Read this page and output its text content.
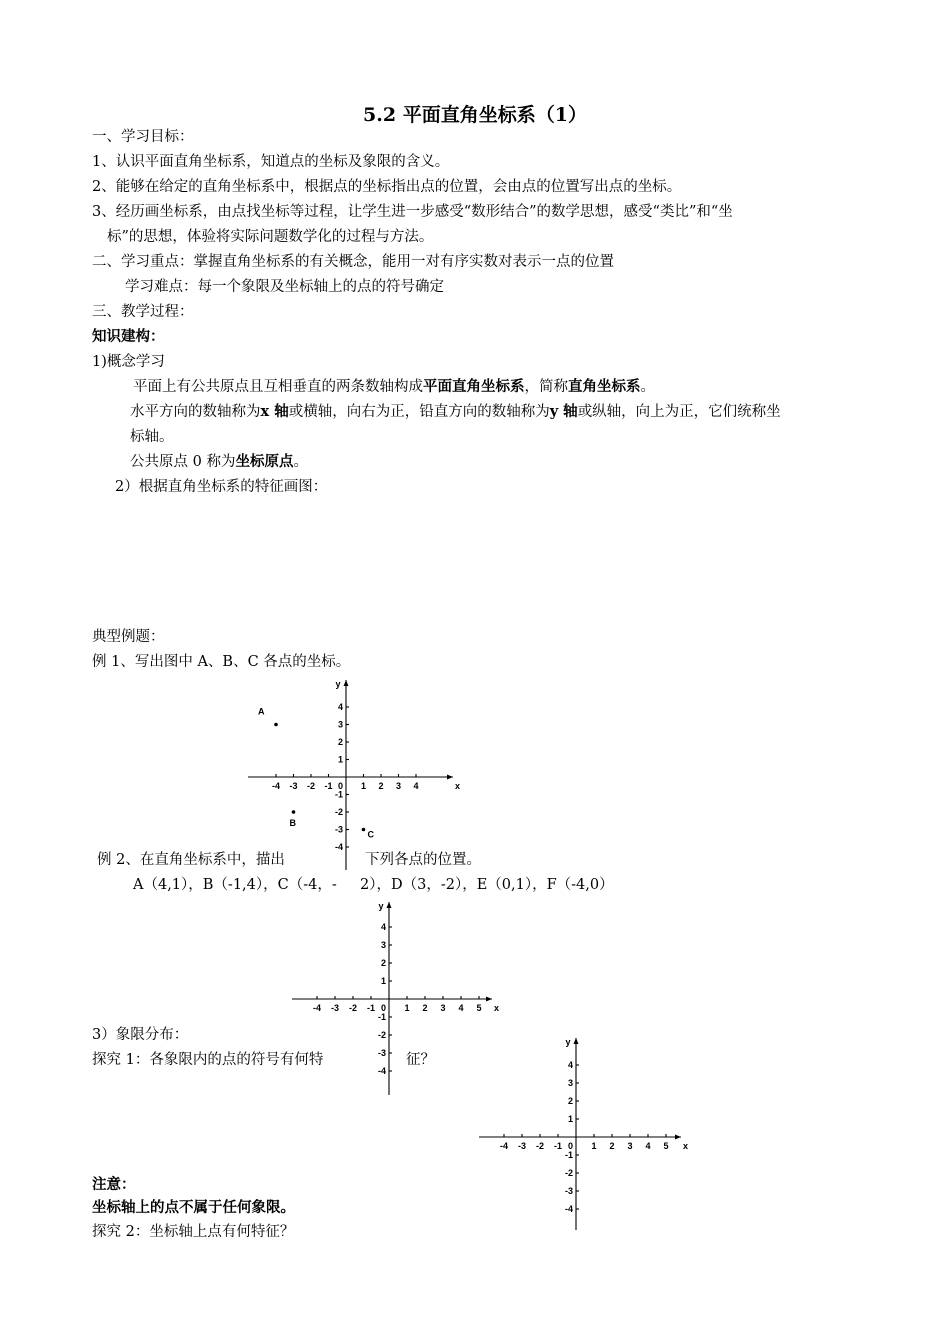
5.2 平面直角坐标系（1）
一、学习目标：
1、认识平面直角坐标系，知道点的坐标及象限的含义。
2、能够在给定的直角坐标系中，根据点的坐标指出点的位置，会由点的位置写出点的坐标。
3、经历画坐标系，由点找坐标等过程，让学生进一步感受“数形结合”的数学思想，感受“类比”和“坐
标”的思想，体验将实际问题数学化的过程与方法。
二、学习重点：掌握直角坐标系的有关概念，能用一对有序实数对表示一点的位置
学习难点：每一个象限及坐标轴上的点的符号确定
三、教学过程：
知识建构：
1)概念学习
平面上有公共原点且互相垂直的两条数轴构成平面直角坐标系，简称直角坐标系。
水平方向的数轴称为x 轴或横轴，向右为正，铅直方向的数轴称为y 轴或纵轴，向上为正，它们统称坐
标轴。
公共原点 0 称为坐标原点。
2）根据直角坐标系的特征画图：
典型例题：
例 1、写出图中 A、B、C 各点的坐标。
例 2、在直角坐标系中，描出	下列各点的位置。
A（4,1），B（-1,4），C（-4，- 2），D（3，-2），E（0,1），F（-4,0）
3）象限分布：
探究 1：各象限内的点的符号有何特	征？
注意：
坐标轴上的点不属于任何象限。
探究 2：坐标轴上点有何特征？
-4 -3 -2 -1	1 2 3 4
4
3
2
1
-1
-2
-3
-4
0	x
y
A
B
C
-4 -3 -2 -1	1 2 3 4 5
4
3
2
1
-1
-2
-3
-4
0	x
y
-4 -3 -2 -1	1 2 3 4 5
4
3
2
1
-1
-2
-3
-4
0	x
y
